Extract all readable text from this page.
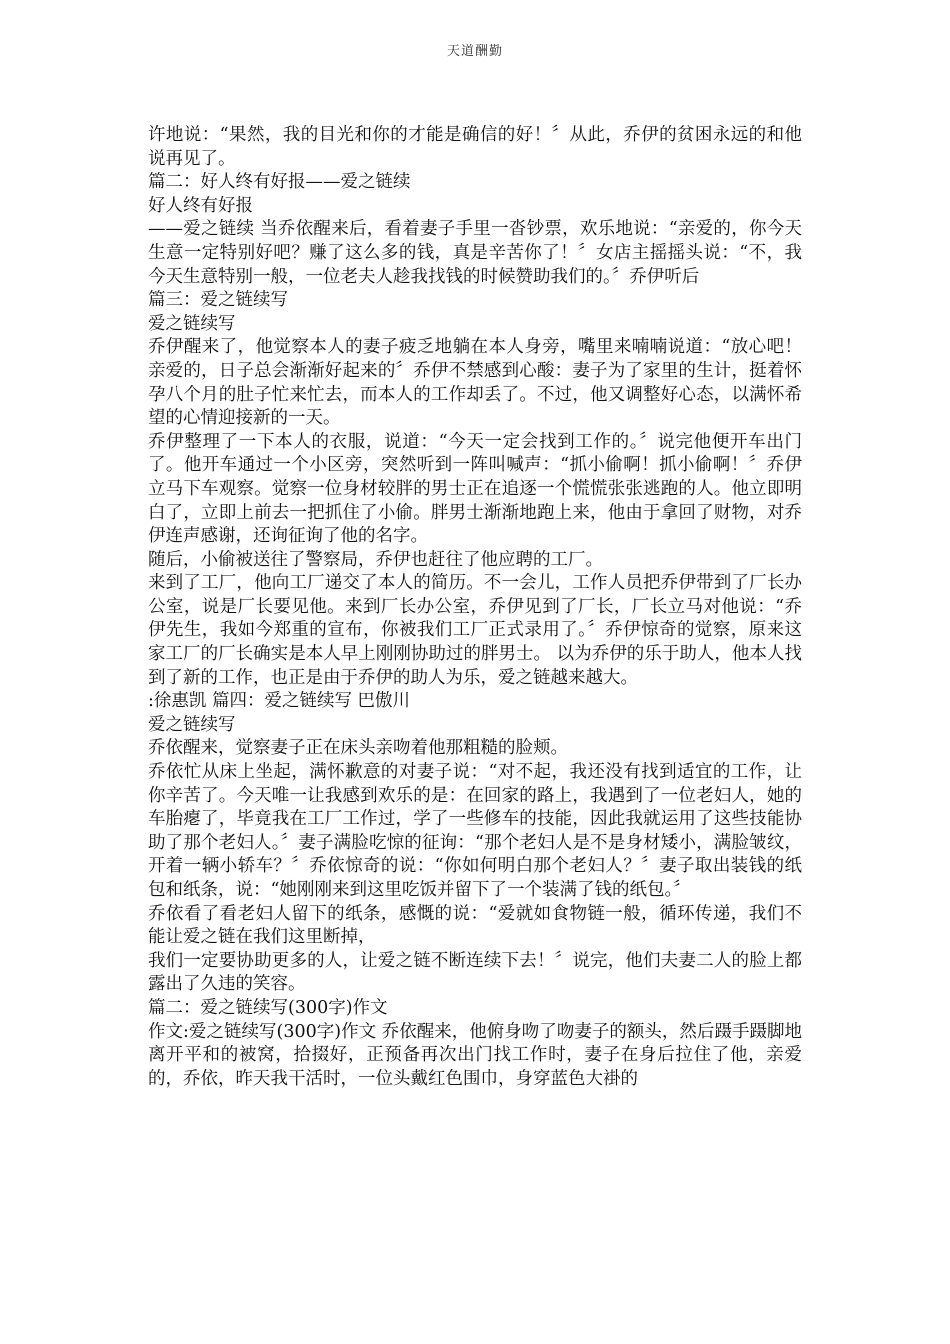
天道酬勤

许地说：“果然，我的目光和你的才能是确信的好！〞从此，乔伊的贫困永远的和他说再见了。

篇二：好人终有好报——爱之链续

好人终有好报

——爱之链续 当乔依醒来后，看着妻子手里一沓钞票，欢乐地说：“亲爱的，你今天生意一定特别好吧？赚了这么多的钱，真是辛苦你了！〞女店主摇摇头说：“不，我今天生意特别一般，一位老夫人趁我找钱的时候赞助我们的。〞乔伊听后

篇三：爱之链续写

爱之链续写

乔伊醒来了，他觉察本人的妻子疲乏地躺在本人身旁，嘴里来喃喃说道：“放心吧！亲爱的，日子总会渐渐好起来的〞乔伊不禁感到心酸：妻子为了家里的生计，挺着怀孕八个月的肚子忙来忙去，而本人的工作却丢了。不过，他又调整好心态，以满怀希望的心情迎接新的一天。

乔伊整理了一下本人的衣服，说道：“今天一定会找到工作的。〞说完他便开车出门了。他开车通过一个小区旁，突然听到一阵叫喊声：“抓小偷啊！抓小偷啊！〞乔伊立马下车观察。觉察一位身材较胖的男士正在追逐一个慌慌张张逃跑的人。他立即明白了，立即上前去一把抓住了小偷。胖男士渐渐地跑上来，他由于拿回了财物，对乔伊连声感谢，还询征询了他的名字。

随后，小偷被送往了警察局，乔伊也赶往了他应聘的工厂。

来到了工厂，他向工厂递交了本人的简历。不一会儿，工作人员把乔伊带到了厂长办公室，说是厂长要见他。来到厂长办公室，乔伊见到了厂长，厂长立马对他说：“乔伊先生，我如今郑重的宣布，你被我们工厂正式录用了。〞乔伊惊奇的觉察，原来这家工厂的厂长确实是本人早上刚刚协助过的胖男士。 以为乔伊的乐于助人，他本人找到了新的工作，也正是由于乔伊的助人为乐，爱之链越来越大。

:徐惠凯 篇四：爱之链续写 巴傲川

爱之链续写

乔依醒来，觉察妻子正在床头亲吻着他那粗糙的脸颊。

乔依忙从床上坐起，满怀歉意的对妻子说：“对不起，我还没有找到适宜的工作，让你辛苦了。今天唯一让我感到欢乐的是：在回家的路上，我遇到了一位老妇人，她的车胎瘪了，毕竟我在工厂工作过，学了一些修车的技能，因此我就运用了这些技能协助了那个老妇人。〞妻子满脸吃惊的征询：“那个老妇人是不是身材矮小，满脸皱纹，开着一辆小轿车？〞乔依惊奇的说：“你如何明白那个老妇人？〞妻子取出装钱的纸包和纸条，说：“她刚刚来到这里吃饭并留下了一个装满了钱的纸包。〞

乔依看了看老妇人留下的纸条，感慨的说：“爱就如食物链一般，循环传递，我们不能让爱之链在我们这里断掉，

我们一定要协助更多的人，让爱之链不断连续下去！〞说完，他们夫妻二人的脸上都露出了久违的笑容。

篇二：爱之链续写(300字)作文

作文:爱之链续写(300字)作文 乔依醒来，他俯身吻了吻妻子的额头，然后蹑手蹑脚地离开平和的被窝，拾掇好，正预备再次出门找工作时，妻子在身后拉住了他，亲爱的，乔依，昨天我干活时，一位头戴红色围巾，身穿蓝色大褂的
